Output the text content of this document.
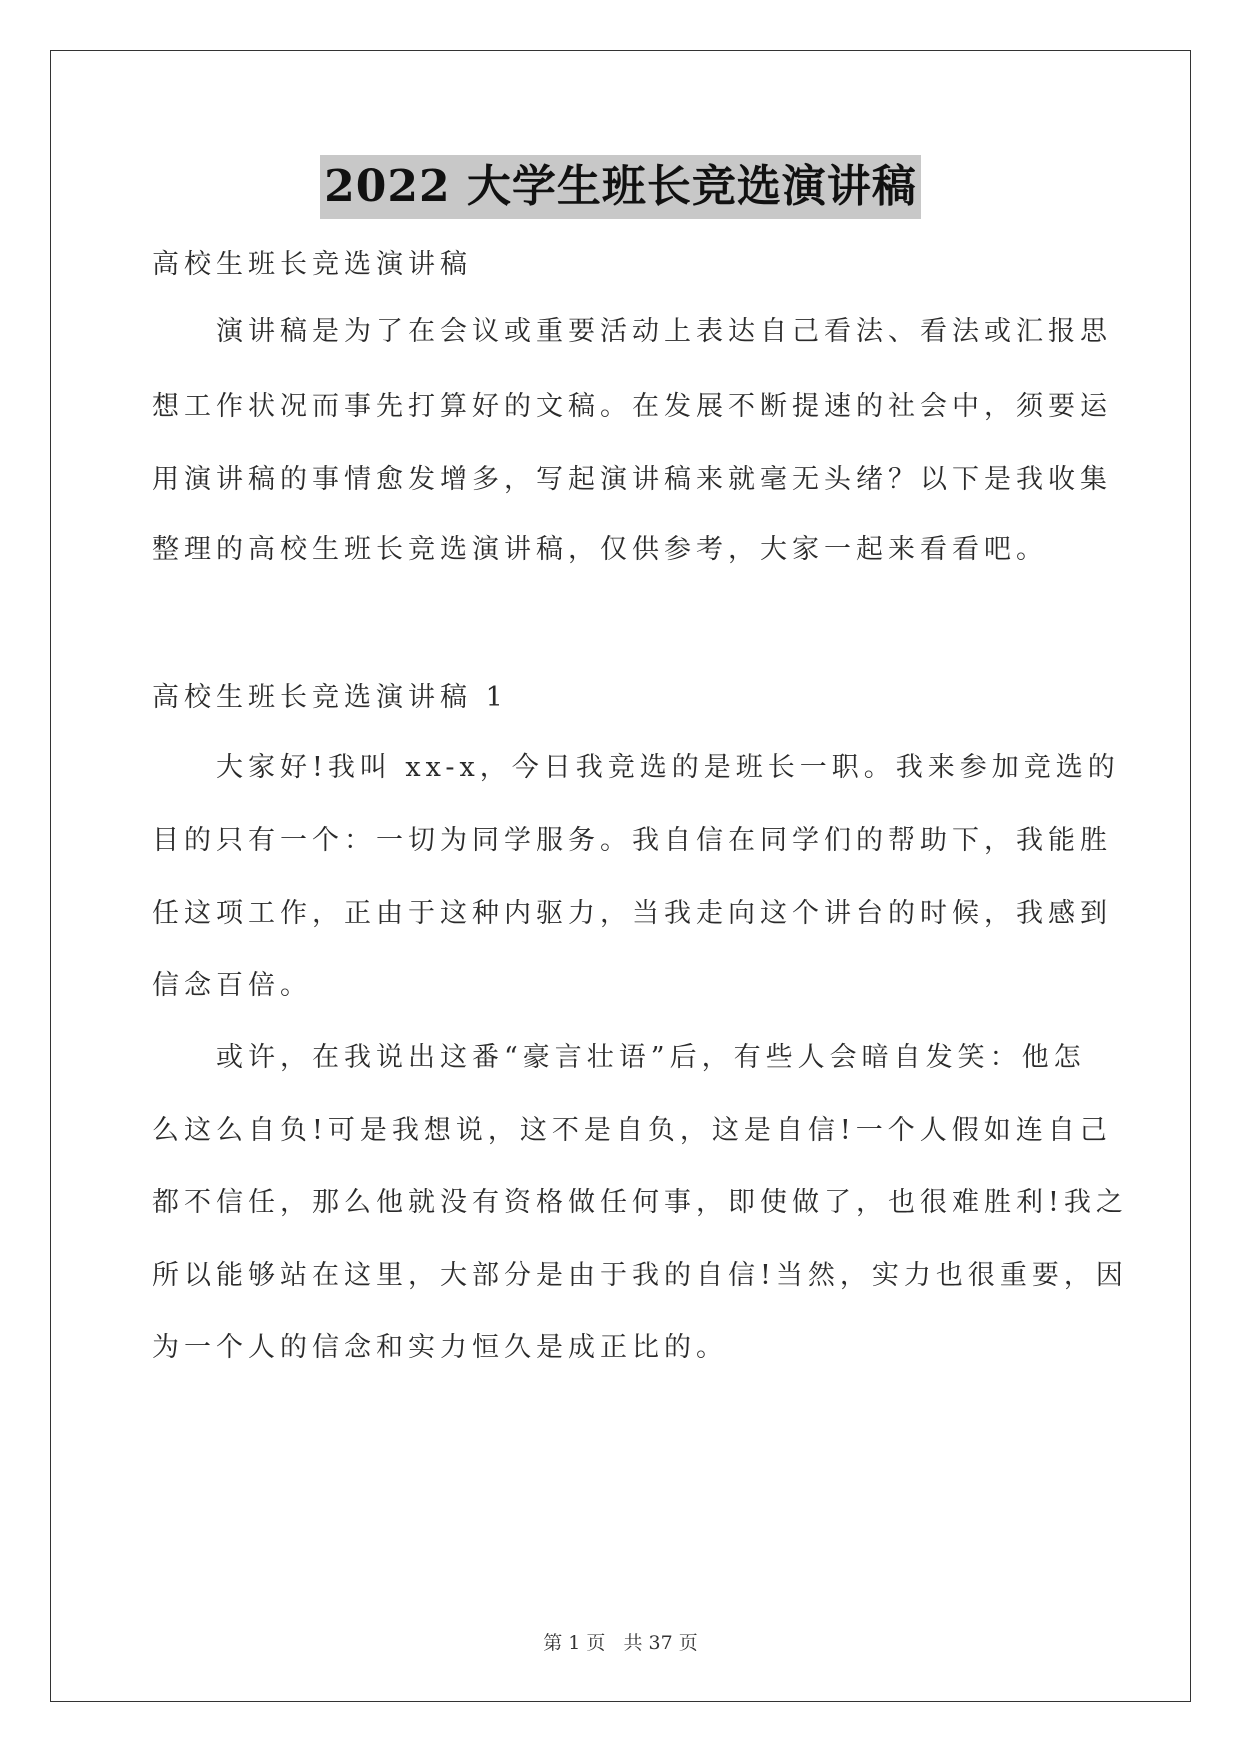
2022 大学生班长竞选演讲稿
高校生班长竞选演讲稿
　　演讲稿是为了在会议或重要活动上表达自己看法、看法或汇报思
想工作状况而事先打算好的文稿。在发展不断提速的社会中，须要运
用演讲稿的事情愈发增多，写起演讲稿来就毫无头绪？以下是我收集
整理的高校生班长竞选演讲稿，仅供参考，大家一起来看看吧。
高校生班长竞选演讲稿 1
　　大家好!我叫 xx-x，今日我竞选的是班长一职。我来参加竞选的
目的只有一个：一切为同学服务。我自信在同学们的帮助下，我能胜
任这项工作，正由于这种内驱力，当我走向这个讲台的时候，我感到
信念百倍。
　　或许，在我说出这番“豪言壮语”后，有些人会暗自发笑：他怎
么这么自负!可是我想说，这不是自负，这是自信!一个人假如连自己
都不信任，那么他就没有资格做任何事，即使做了，也很难胜利!我之
所以能够站在这里，大部分是由于我的自信!当然，实力也很重要，因
为一个人的信念和实力恒久是成正比的。
第 1 页 共 37 页
